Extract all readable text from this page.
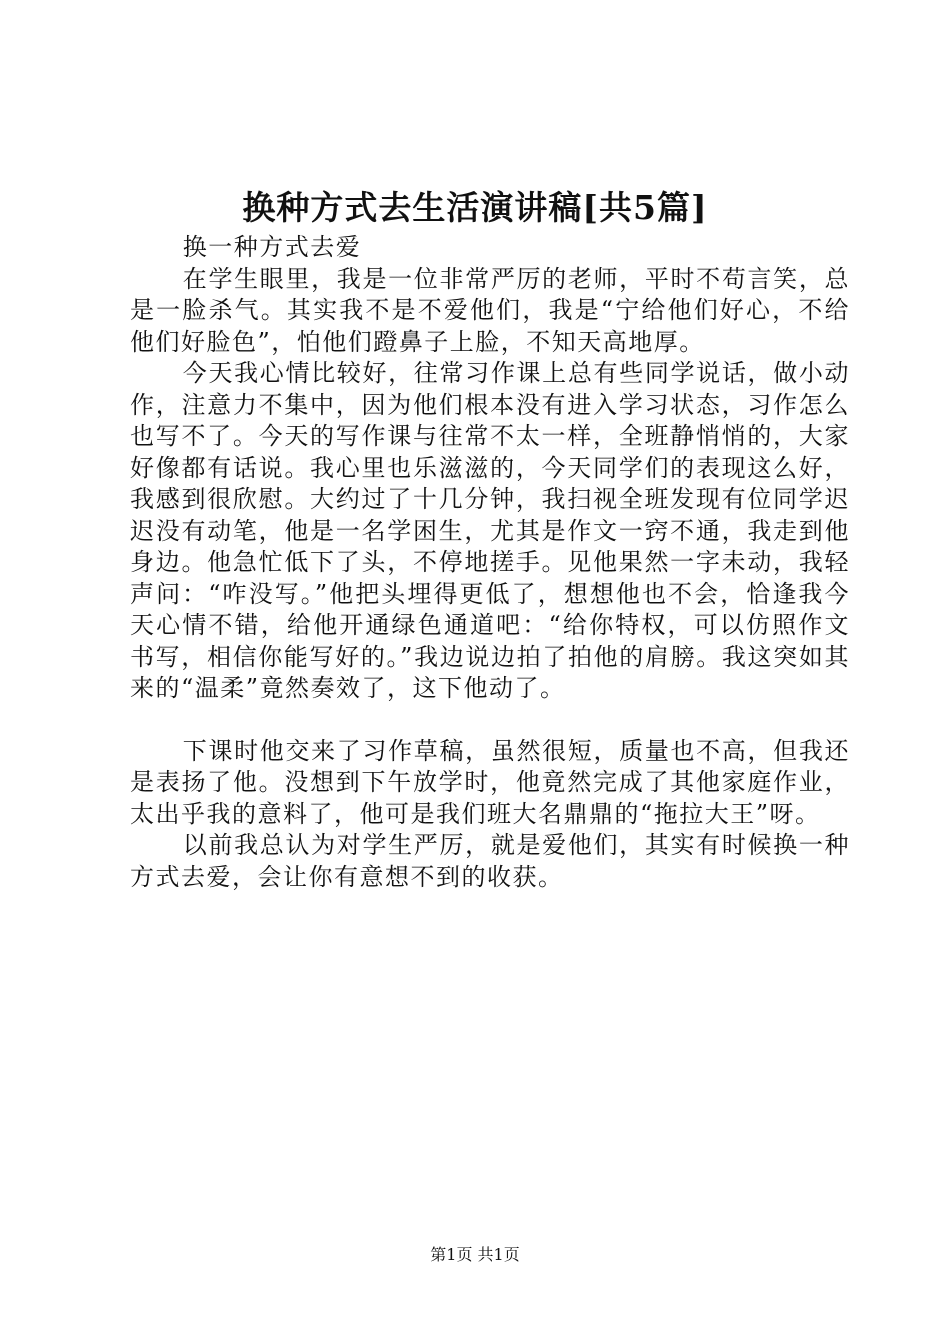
换种方式去生活演讲稿[共5篇]

换一种方式去爱

在学生眼里，我是一位非常严厉的老师，平时不苟言笑，总是一脸杀气。其实我不是不爱他们，我是“宁给他们好心，不给他们好脸色”，怕他们蹬鼻子上脸，不知天高地厚。

今天我心情比较好，往常习作课上总有些同学说话，做小动作，注意力不集中，因为他们根本没有进入学习状态，习作怎么也写不了。今天的写作课与往常不太一样，全班静悄悄的，大家好像都有话说。我心里也乐滋滋的，今天同学们的表现这么好，我感到很欣慰。大约过了十几分钟，我扫视全班发现有位同学迟迟没有动笔，他是一名学困生，尤其是作文一窍不通，我走到他身边。他急忙低下了头，不停地搓手。见他果然一字未动，我轻声问：“咋没写。”他把头埋得更低了，想想他也不会，恰逢我今天心情不错，给他开通绿色通道吧：“给你特权，可以仿照作文书写，相信你能写好的。”我边说边拍了拍他的肩膀。我这突如其来的“温柔”竟然奏效了，这下他动了。

下课时他交来了习作草稿，虽然很短，质量也不高，但我还是表扬了他。没想到下午放学时，他竟然完成了其他家庭作业，太出乎我的意料了，他可是我们班大名鼎鼎的“拖拉大王”呀。

以前我总认为对学生严厉，就是爱他们，其实有时候换一种方式去爱，会让你有意想不到的收获。

第1页 共1页
